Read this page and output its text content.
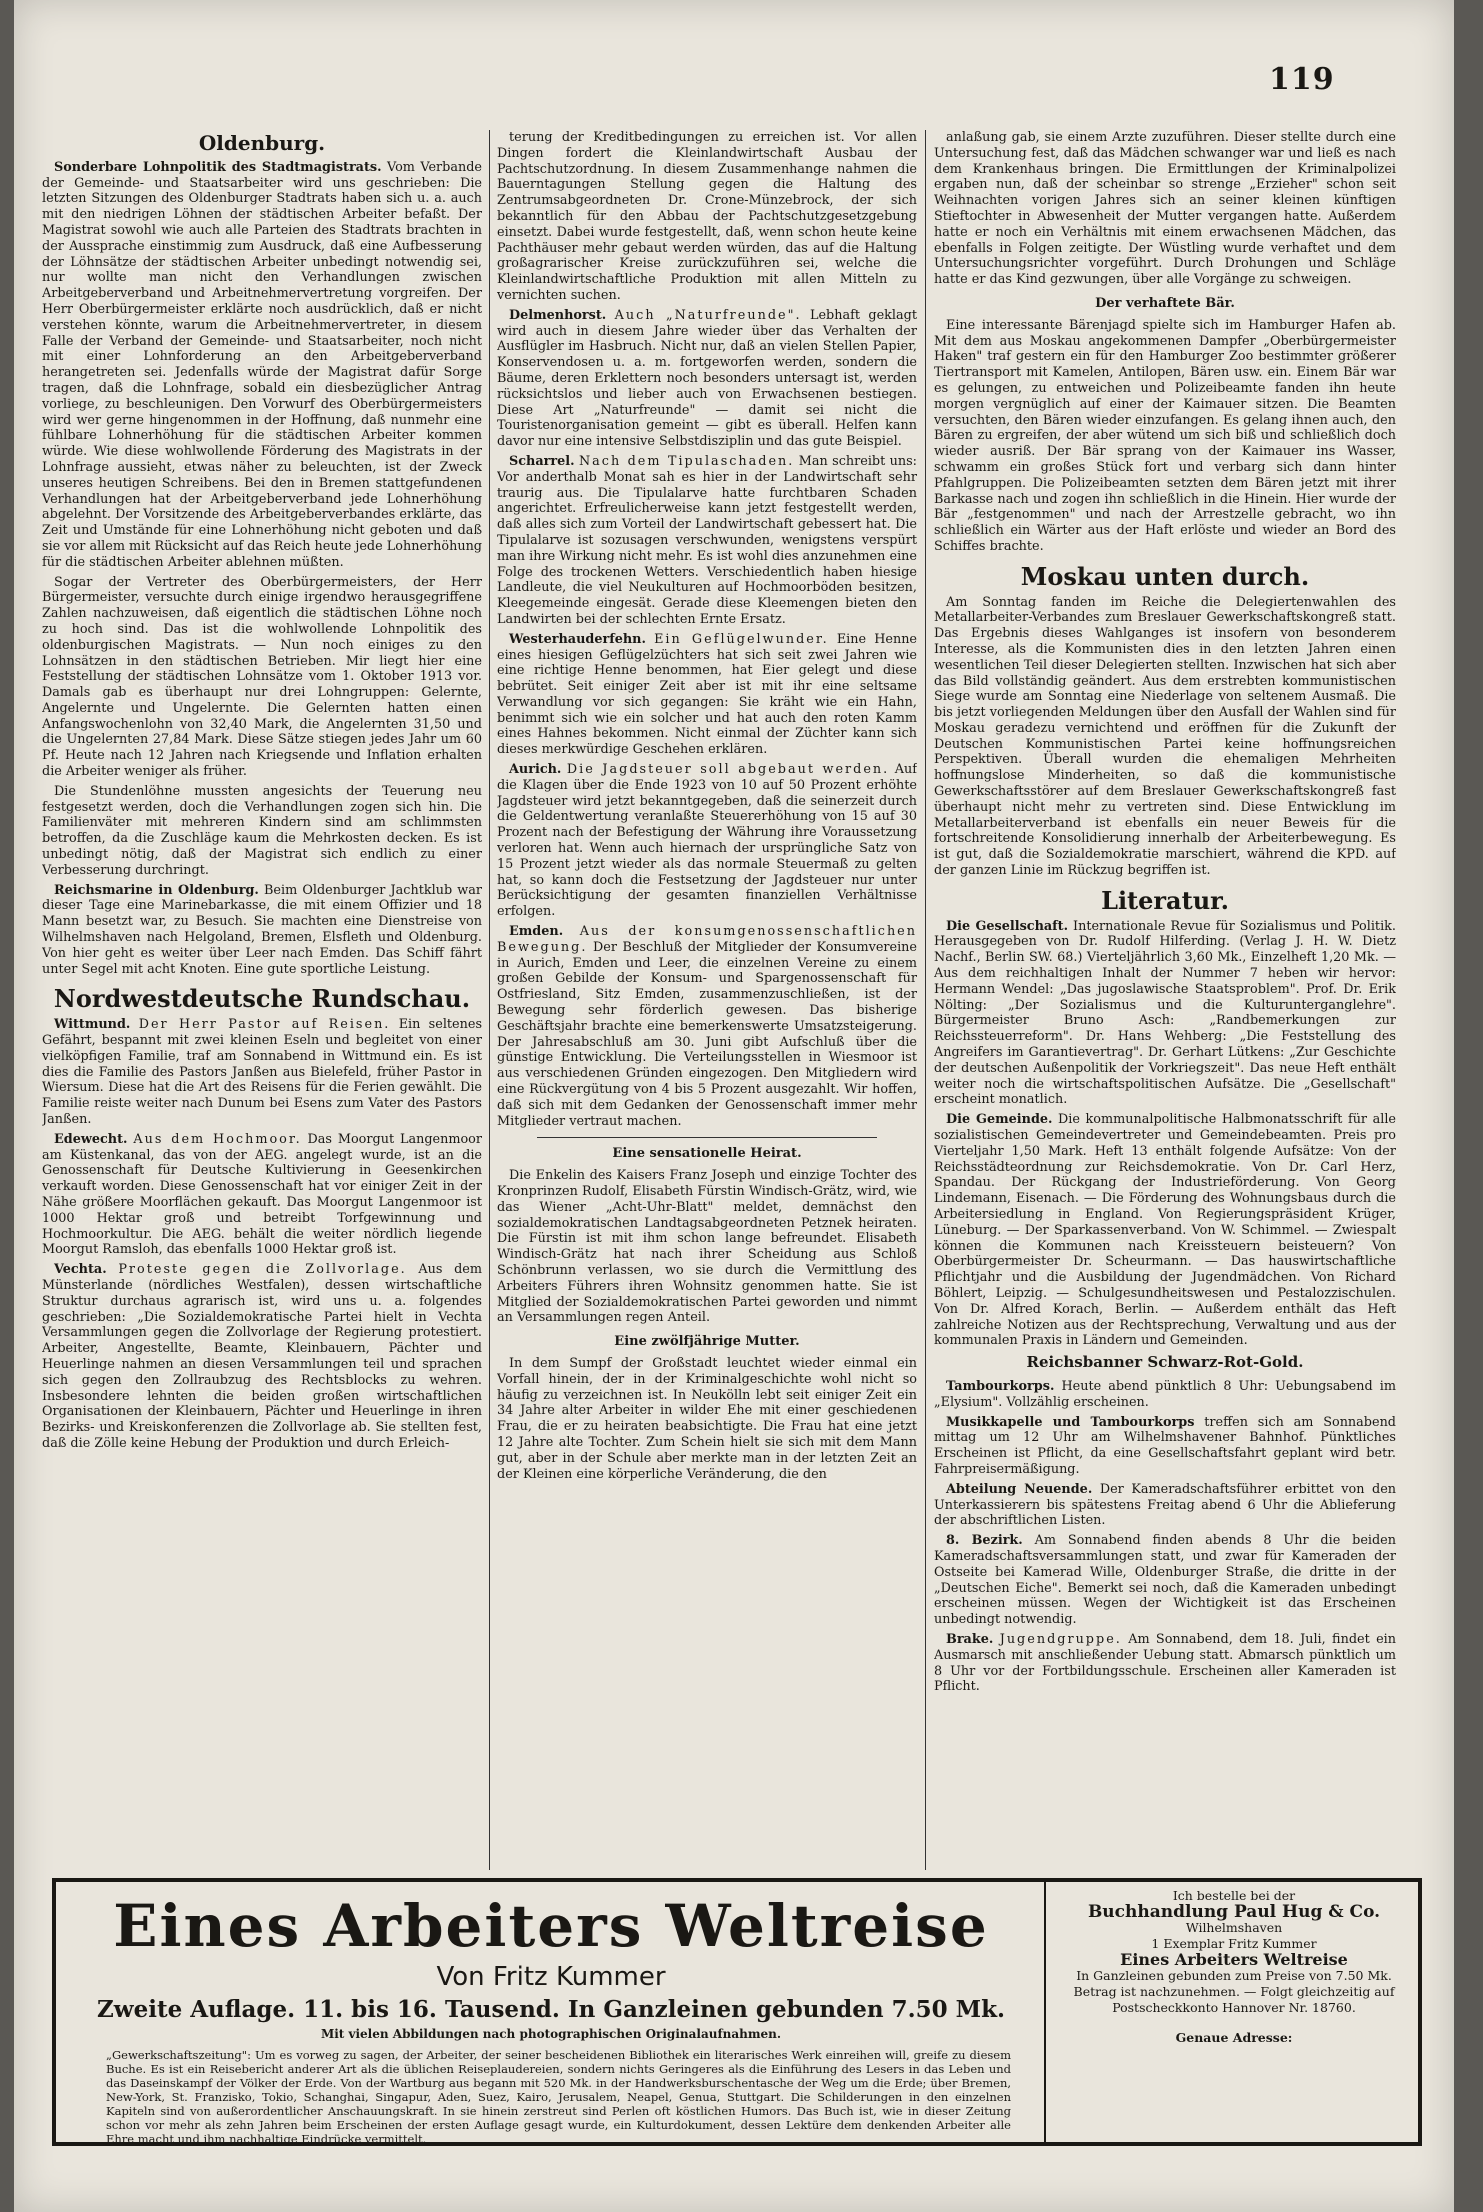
119
Oldenburg.

Sonderbare Lohnpolitik des Stadtmagistrats. Vom Verbande der Gemeinde- und Staatsarbeiter wird uns geschrieben: Die letzten Sitzungen des Oldenburger Stadtrats haben sich u. a. auch mit den niedrigen Löhnen der städtischen Arbeiter befaßt. Der Magistrat sowohl wie auch alle Parteien des Stadtrats brachten in der Aussprache einstimmig zum Ausdruck, daß eine Aufbesserung der Löhnsätze der städtischen Arbeiter unbedingt notwendig sei, nur wollte man nicht den Verhandlungen zwischen Arbeitgeberverband und Arbeitnehmervertretung vorgreifen. Der Herr Oberbürgermeister erklärte noch ausdrücklich, daß er nicht verstehen könnte, warum die Arbeitnehmervertreter, in diesem Falle der Verband der Gemeinde- und Staatsarbeiter, noch nicht mit einer Lohnforderung an den Arbeitgeberverband herangetreten sei. Jedenfalls würde der Magistrat dafür Sorge tragen, daß die Lohnfrage, sobald ein diesbezüglicher Antrag vorliege, zu beschleunigen. Den Vorwurf des Oberbürgermeisters wird wer gerne hingenommen in der Hoffnung, daß nunmehr eine fühlbare Lohnerhöhung für die städtischen Arbeiter kommen würde. Wie diese wohlwollende Förderung des Magistrats in der Lohnfrage aussieht, etwas näher zu beleuchten, ist der Zweck unseres heutigen Schreibens. Bei den in Bremen stattgefundenen Verhandlungen hat der Arbeitgeberverband jede Lohnerhöhung abgelehnt. Der Vorsitzende des Arbeitgeberverbandes erklärte, das Zeit und Umstände für eine Lohnerhöhung nicht geboten und daß sie vor allem mit Rücksicht auf das Reich heute jede Lohnerhöhung für die städtischen Arbeiter ablehnen müßten.

Sogar der Vertreter des Oberbürgermeisters, der Herr Bürgermeister, versuchte durch einige irgendwo herausgegriffene Zahlen nachzuweisen, daß eigentlich die städtischen Löhne noch zu hoch sind. Das ist die wohlwollende Lohnpolitik des oldenburgischen Magistrats. — Nun noch einiges zu den Lohnsätzen in den städtischen Betrieben. Mir liegt hier eine Feststellung der städtischen Lohnsätze vom 1. Oktober 1913 vor. Damals gab es überhaupt nur drei Lohngruppen: Gelernte, Angelernte und Ungelernte. Die Gelernten hatten einen Anfangswochenlohn von 32,40 Mark, die Angelernten 31,50 und die Ungelernten 27,84 Mark. Diese Sätze stiegen jedes Jahr um 60 Pf. Heute nach 12 Jahren nach Kriegsende und Inflation erhalten die Arbeiter weniger als früher.

Die Stundenlöhne mussten angesichts der Teuerung neu festgesetzt werden, doch die Verhandlungen zogen sich hin. Die Familienväter mit mehreren Kindern sind am schlimmsten betroffen, da die Zuschläge kaum die Mehrkosten decken. Es ist unbedingt nötig, daß der Magistrat sich endlich zu einer Verbesserung durchringt.

Reichsmarine in Oldenburg. Beim Oldenburger Jachtklub war dieser Tage eine Marinebarkasse, die mit einem Offizier und 18 Mann besetzt war, zu Besuch. Sie machten eine Dienstreise von Wilhelmshaven nach Helgoland, Bremen, Elsfleth und Oldenburg. Von hier geht es weiter über Leer nach Emden. Das Schiff fährt unter Segel mit acht Knoten. Eine gute sportliche Leistung.

Nordwestdeutsche Rundschau.

Wittmund. Der Herr Pastor auf Reisen. Ein seltenes Gefährt, bespannt mit zwei kleinen Eseln und begleitet von einer vielköpfigen Familie, traf am Sonnabend in Wittmund ein. Es ist dies die Familie des Pastors Janßen aus Bielefeld, früher Pastor in Wiersum. Diese hat die Art des Reisens für die Ferien gewählt. Die Familie reiste weiter nach Dunum bei Esens zum Vater des Pastors Janßen.

Edewecht. Aus dem Hochmoor. Das Moorgut Langenmoor am Küstenkanal, das von der AEG. angelegt wurde, ist an die Genossenschaft für Deutsche Kultivierung in Geesenkirchen verkauft worden. Diese Genossenschaft hat vor einiger Zeit in der Nähe größere Moorflächen gekauft. Das Moorgut Langenmoor ist 1000 Hektar groß und betreibt Torfgewinnung und Hochmoorkultur. Die AEG. behält die weiter nördlich liegende Moorgut Ramsloh, das ebenfalls 1000 Hektar groß ist.

Vechta. Proteste gegen die Zollvorlage. Aus dem Münsterlande (nördliches Westfalen), dessen wirtschaftliche Struktur durchaus agrarisch ist, wird uns u. a. folgendes geschrieben: „Die Sozialdemokratische Partei hielt in Vechta Versammlungen gegen die Zollvorlage der Regierung protestiert. Arbeiter, Angestellte, Beamte, Kleinbauern, Pächter und Heuerlinge nahmen an diesen Versammlungen teil und sprachen sich gegen den Zollraubzug des Rechtsblocks zu wehren. Insbesondere lehnten die beiden großen wirtschaftlichen Organisationen der Kleinbauern, Pächter und Heuerlinge in ihren Bezirks- und Kreiskonferenzen die Zollvorlage ab. Sie stellten fest, daß die Zölle keine Hebung der Produktion und durch Erleich-

terung der Kreditbedingungen zu erreichen ist. Vor allen Dingen fordert die Kleinlandwirtschaft Ausbau der Pachtschutzordnung. In diesem Zusammenhange nahmen die Bauerntagungen Stellung gegen die Haltung des Zentrumsabgeordneten Dr. Crone-Münzebrock, der sich bekanntlich für den Abbau der Pachtschutzgesetzgebung einsetzt. Dabei wurde festgestellt, daß, wenn schon heute keine Pachthäuser mehr gebaut werden würden, das auf die Haltung großagrarischer Kreise zurückzuführen sei, welche die Kleinlandwirtschaftliche Produktion mit allen Mitteln zu vernichten suchen.

Delmenhorst. Auch „Naturfreunde". Lebhaft geklagt wird auch in diesem Jahre wieder über das Verhalten der Ausflügler im Hasbruch. Nicht nur, daß an vielen Stellen Papier, Konservendosen u. a. m. fortgeworfen werden, sondern die Bäume, deren Erklettern noch besonders untersagt ist, werden rücksichtslos und lieber auch von Erwachsenen bestiegen. Diese Art „Naturfreunde" — damit sei nicht die Touristenorganisation gemeint — gibt es überall. Helfen kann davor nur eine intensive Selbstdisziplin und das gute Beispiel.

Scharrel. Nach dem Tipulaschaden. Man schreibt uns: Vor anderthalb Monat sah es hier in der Landwirtschaft sehr traurig aus. Die Tipulalarve hatte furchtbaren Schaden angerichtet. Erfreulicherweise kann jetzt festgestellt werden, daß alles sich zum Vorteil der Landwirtschaft gebessert hat. Die Tipulalarve ist sozusagen verschwunden, wenigstens verspürt man ihre Wirkung nicht mehr. Es ist wohl dies anzunehmen eine Folge des trockenen Wetters. Verschiedentlich haben hiesige Landleute, die viel Neukulturen auf Hochmoorböden besitzen, Kleegemeinde eingesät. Gerade diese Kleemengen bieten den Landwirten bei der schlechten Ernte Ersatz.

Westerhauderfehn. Ein Geflügelwunder. Eine Henne eines hiesigen Geflügelzüchters hat sich seit zwei Jahren wie eine richtige Henne benommen, hat Eier gelegt und diese bebrütet. Seit einiger Zeit aber ist mit ihr eine seltsame Verwandlung vor sich gegangen: Sie kräht wie ein Hahn, benimmt sich wie ein solcher und hat auch den roten Kamm eines Hahnes bekommen. Nicht einmal der Züchter kann sich dieses merkwürdige Geschehen erklären.

Aurich. Die Jagdsteuer soll abgebaut werden. Auf die Klagen über die Ende 1923 von 10 auf 50 Prozent erhöhte Jagdsteuer wird jetzt bekanntgegeben, daß die seinerzeit durch die Geldentwertung veranlaßte Steuererhöhung von 15 auf 30 Prozent nach der Befestigung der Währung ihre Voraussetzung verloren hat. Wenn auch hiernach der ursprüngliche Satz von 15 Prozent jetzt wieder als das normale Steuermaß zu gelten hat, so kann doch die Festsetzung der Jagdsteuer nur unter Berücksichtigung der gesamten finanziellen Verhältnisse erfolgen.

Emden. Aus der konsumgenossenschaftlichen Bewegung. Der Beschluß der Mitglieder der Konsumvereine in Aurich, Emden und Leer, die einzelnen Vereine zu einem großen Gebilde der Konsum- und Spargenossenschaft für Ostfriesland, Sitz Emden, zusammenzuschließen, ist der Bewegung sehr förderlich gewesen. Das bisherige Geschäftsjahr brachte eine bemerkenswerte Umsatzsteigerung. Der Jahresabschluß am 30. Juni gibt Aufschluß über die günstige Entwicklung. Die Verteilungsstellen in Wiesmoor ist aus verschiedenen Gründen eingezogen. Den Mitgliedern wird eine Rückvergütung von 4 bis 5 Prozent ausgezahlt. Wir hoffen, daß sich mit dem Gedanken der Genossenschaft immer mehr Mitglieder vertraut machen.

Eine sensationelle Heirat.

Die Enkelin des Kaisers Franz Joseph und einzige Tochter des Kronprinzen Rudolf, Elisabeth Fürstin Windisch-Grätz, wird, wie das Wiener „Acht-Uhr-Blatt" meldet, demnächst den sozialdemokratischen Landtagsabgeordneten Petznek heiraten. Die Fürstin ist mit ihm schon lange befreundet. Elisabeth Windisch-Grätz hat nach ihrer Scheidung aus Schloß Schönbrunn verlassen, wo sie durch die Vermittlung des Arbeiters Führers ihren Wohnsitz genommen hatte. Sie ist Mitglied der Sozialdemokratischen Partei geworden und nimmt an Versammlungen regen Anteil.

Eine zwölfjährige Mutter.

In dem Sumpf der Großstadt leuchtet wieder einmal ein Vorfall hinein, der in der Kriminalgeschichte wohl nicht so häufig zu verzeichnen ist. In Neukölln lebt seit einiger Zeit ein 34 Jahre alter Arbeiter in wilder Ehe mit einer geschiedenen Frau, die er zu heiraten beabsichtigte. Die Frau hat eine jetzt 12 Jahre alte Tochter. Zum Schein hielt sie sich mit dem Mann gut, aber in der Schule aber merkte man in der letzten Zeit an der Kleinen eine körperliche Veränderung, die den

anlaßung gab, sie einem Arzte zuzuführen. Dieser stellte durch eine Untersuchung fest, daß das Mädchen schwanger war und ließ es nach dem Krankenhaus bringen. Die Ermittlungen der Kriminalpolizei ergaben nun, daß der scheinbar so strenge „Erzieher" schon seit Weihnachten vorigen Jahres sich an seiner kleinen künftigen Stieftochter in Abwesenheit der Mutter vergangen hatte. Außerdem hatte er noch ein Verhältnis mit einem erwachsenen Mädchen, das ebenfalls in Folgen zeitigte. Der Wüstling wurde verhaftet und dem Untersuchungsrichter vorgeführt. Durch Drohungen und Schläge hatte er das Kind gezwungen, über alle Vorgänge zu schweigen.

Der verhaftete Bär.

Eine interessante Bärenjagd spielte sich im Hamburger Hafen ab. Mit dem aus Moskau angekommenen Dampfer „Oberbürgermeister Haken" traf gestern ein für den Hamburger Zoo bestimmter größerer Tiertransport mit Kamelen, Antilopen, Bären usw. ein. Einem Bär war es gelungen, zu entweichen und Polizeibeamte fanden ihn heute morgen vergnüglich auf einer der Kaimauer sitzen. Die Beamten versuchten, den Bären wieder einzufangen. Es gelang ihnen auch, den Bären zu ergreifen, der aber wütend um sich biß und schließlich doch wieder ausriß. Der Bär sprang von der Kaimauer ins Wasser, schwamm ein großes Stück fort und verbarg sich dann hinter Pfahlgruppen. Die Polizeibeamten setzten dem Bären jetzt mit ihrer Barkasse nach und zogen ihn schließlich in die Hinein. Hier wurde der Bär „festgenommen" und nach der Arrestzelle gebracht, wo ihn schließlich ein Wärter aus der Haft erlöste und wieder an Bord des Schiffes brachte.

Moskau unten durch.

Am Sonntag fanden im Reiche die Delegiertenwahlen des Metallarbeiter-Verbandes zum Breslauer Gewerkschaftskongreß statt. Das Ergebnis dieses Wahlganges ist insofern von besonderem Interesse, als die Kommunisten dies in den letzten Jahren einen wesentlichen Teil dieser Delegierten stellten. Inzwischen hat sich aber das Bild vollständig geändert. Aus dem erstrebten kommunistischen Siege wurde am Sonntag eine Niederlage von seltenem Ausmaß. Die bis jetzt vorliegenden Meldungen über den Ausfall der Wahlen sind für Moskau geradezu vernichtend und eröffnen für die Zukunft der Deutschen Kommunistischen Partei keine hoffnungsreichen Perspektiven. Überall wurden die ehemaligen Mehrheiten hoffnungslose Minderheiten, so daß die kommunistische Gewerkschaftsstörer auf dem Breslauer Gewerkschaftskongreß fast überhaupt nicht mehr zu vertreten sind. Diese Entwicklung im Metallarbeiterverband ist ebenfalls ein neuer Beweis für die fortschreitende Konsolidierung innerhalb der Arbeiterbewegung. Es ist gut, daß die Sozialdemokratie marschiert, während die KPD. auf der ganzen Linie im Rückzug begriffen ist.

Literatur.

Die Gesellschaft. Internationale Revue für Sozialismus und Politik. Herausgegeben von Dr. Rudolf Hilferding. (Verlag J. H. W. Dietz Nachf., Berlin SW. 68.) Vierteljährlich 3,60 Mk., Einzelheft 1,20 Mk. — Aus dem reichhaltigen Inhalt der Nummer 7 heben wir hervor: Hermann Wendel: „Das jugoslawische Staatsproblem". Prof. Dr. Erik Nölting: „Der Sozialismus und die Kulturunterganglehre". Bürgermeister Bruno Asch: „Randbemerkungen zur Reichssteuerreform". Dr. Hans Wehberg: „Die Feststellung des Angreifers im Garantievertrag". Dr. Gerhart Lütkens: „Zur Geschichte der deutschen Außenpolitik der Vorkriegszeit". Das neue Heft enthält weiter noch die wirtschaftspolitischen Aufsätze. Die „Gesellschaft" erscheint monatlich.

Die Gemeinde. Die kommunalpolitische Halbmonatsschrift für alle sozialistischen Gemeindevertreter und Gemeindebeamten. Preis pro Vierteljahr 1,50 Mark. Heft 13 enthält folgende Aufsätze: Von der Reichsstädteordnung zur Reichsdemokratie. Von Dr. Carl Herz, Spandau. Der Rückgang der Industrieförderung. Von Georg Lindemann, Eisenach. — Die Förderung des Wohnungsbaus durch die Arbeitersiedlung in England. Von Regierungspräsident Krüger, Lüneburg. — Der Sparkassenverband. Von W. Schimmel. — Zwiespalt können die Kommunen nach Kreissteuern beisteuern? Von Oberbürgermeister Dr. Scheurmann. — Das hauswirtschaftliche Pflichtjahr und die Ausbildung der Jugendmädchen. Von Richard Böhlert, Leipzig. — Schulgesundheitswesen und Pestalozzischulen. Von Dr. Alfred Korach, Berlin. — Außerdem enthält das Heft zahlreiche Notizen aus der Rechtsprechung, Verwaltung und aus der kommunalen Praxis in Ländern und Gemeinden.

Reichsbanner Schwarz-Rot-Gold.

Tambourkorps. Heute abend pünktlich 8 Uhr: Uebungsabend im „Elysium". Vollzählig erscheinen.

Musikkapelle und Tambourkorps treffen sich am Sonnabend mittag um 12 Uhr am Wilhelmshavener Bahnhof. Pünktliches Erscheinen ist Pflicht, da eine Gesellschaftsfahrt geplant wird betr. Fahrpreisermäßigung.

Abteilung Neuende. Der Kameradschaftsführer erbittet von den Unterkassierern bis spätestens Freitag abend 6 Uhr die Ablieferung der abschriftlichen Listen.

8. Bezirk. Am Sonnabend finden abends 8 Uhr die beiden Kameradschaftsversammlungen statt, und zwar für Kameraden der Ostseite bei Kamerad Wille, Oldenburger Straße, die dritte in der „Deutschen Eiche". Bemerkt sei noch, daß die Kameraden unbedingt erscheinen müssen. Wegen der Wichtigkeit ist das Erscheinen unbedingt notwendig.

Brake. Jugendgruppe. Am Sonnabend, dem 18. Juli, findet ein Ausmarsch mit anschließender Uebung statt. Abmarsch pünktlich um 8 Uhr vor der Fortbildungsschule. Erscheinen aller Kameraden ist Pflicht.

Eines Arbeiters Weltreise
Von Fritz Kummer
Zweite Auflage. 11. bis 16. Tausend. In Ganzleinen gebunden 7.50 Mk.
Mit vielen Abbildungen nach photographischen Originalaufnahmen.
„Gewerkschaftszeitung": Um es vorweg zu sagen, der Arbeiter, der seiner bescheidenen Bibliothek ein literarisches Werk einreihen will, greife zu diesem Buche. Es ist ein Reisebericht anderer Art als die üblichen Reiseplaudereien, sondern nichts Geringeres als die Einführung des Lesers in das Leben und das Daseinskampf der Völker der Erde. Von der Wartburg aus begann mit 520 Mk. in der Handwerksburschentasche der Weg um die Erde; über Bremen, New-York, St. Franzisko, Tokio, Schanghai, Singapur, Aden, Suez, Kairo, Jerusalem, Neapel, Genua, Stuttgart. Die Schilderungen in den einzelnen Kapiteln sind von außerordentlicher Anschauungskraft. In sie hinein zerstreut sind Perlen oft köstlichen Humors. Das Buch ist, wie in dieser Zeitung schon vor mehr als zehn Jahren beim Erscheinen der ersten Auflage gesagt wurde, ein Kulturdokument, dessen Lektüre dem denkenden Arbeiter alle Ehre macht und ihm nachhaltige Eindrücke vermittelt.
Ich bestelle bei der
Buchhandlung Paul Hug & Co.
Wilhelmshaven
1 Exemplar Fritz Kummer
Eines Arbeiters Weltreise
In Ganzleinen gebunden zum Preise von 7.50 Mk.
Betrag ist nachzunehmen. — Folgt gleichzeitig auf Postscheckkonto Hannover Nr. 18760.
Genaue Adresse:
